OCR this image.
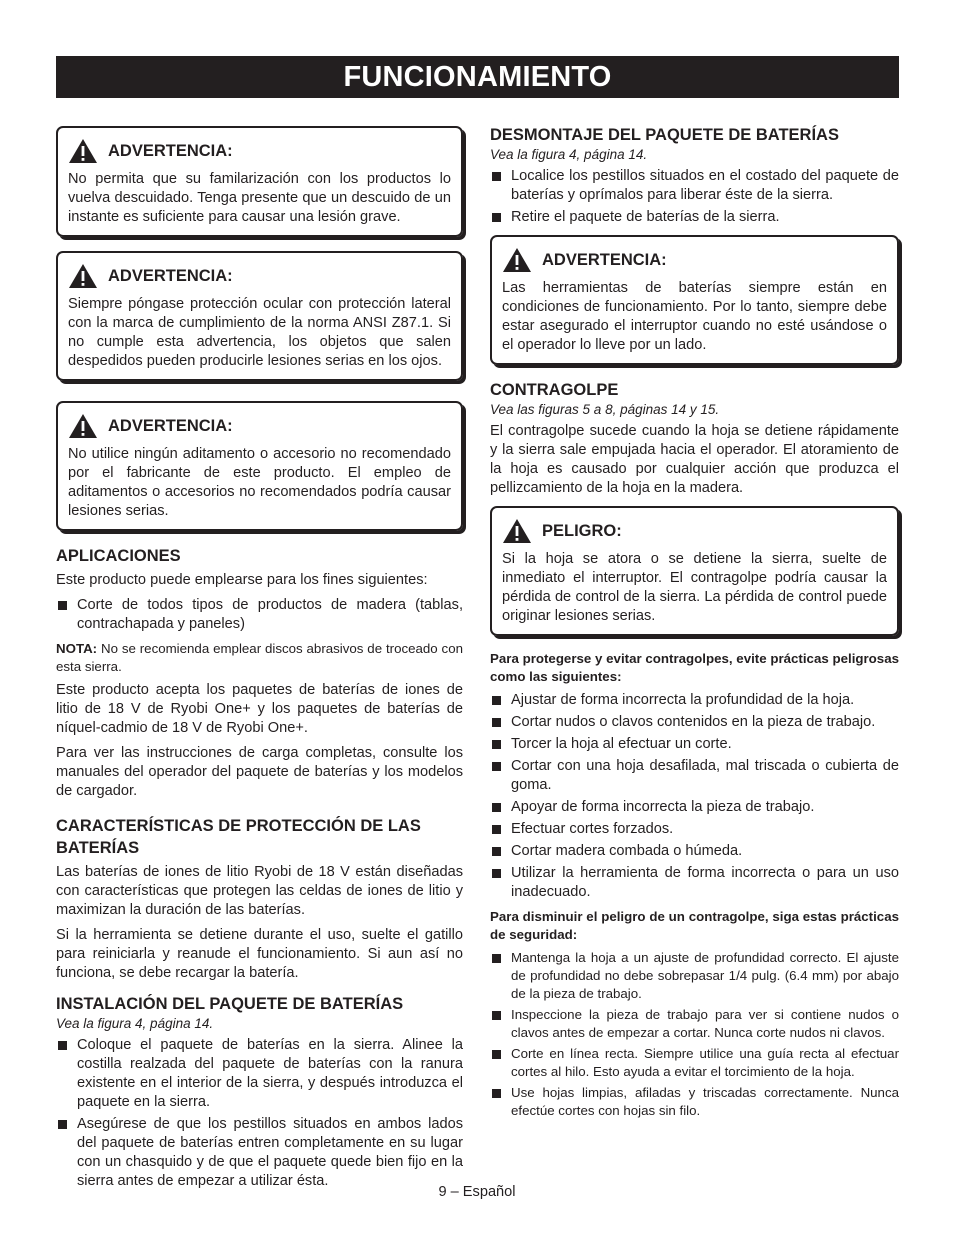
FUNCIONAMIENTO
ADVERTENCIA:
No permita que su familarización con los productos lo vuelva descuidado. Tenga presente que un descuido de un instante es suficiente para causar una lesión grave.
ADVERTENCIA:
Siempre póngase protección ocular con protección lateral con la marca de cumplimiento de la norma ANSI Z87.1. Si no cumple esta advertencia, los objetos que salen despedidos pueden producirle lesiones serias en los ojos.
ADVERTENCIA:
No utilice ningún aditamento o accesorio no recomendado por el fabricante de este producto. El empleo de aditamentos o accesorios no recomendados podría causar lesiones serias.
APLICACIONES

Este producto puede emplearse para los fines siguientes:

Corte de todos tipos de productos de madera (tablas, contrachapada y paneles)

NOTA: No se recomienda emplear discos abrasivos de troceado con esta sierra.

Este producto acepta los paquetes de baterías de iones de litio de 18 V de Ryobi One+ y los paquetes de baterías de níquel-cadmio de 18 V de Ryobi One+.

Para ver las instrucciones de carga completas, consulte los manuales del operador del paquete de baterías y los modelos de cargador.

CARACTERÍSTICAS DE PROTECCIÓN DE LAS BATERÍAS

Las baterías de iones de litio Ryobi de 18 V están diseñadas con características que protegen las celdas de iones de litio y maximizan la duración de las baterías.

Si la herramienta se detiene durante el uso, suelte el gatillo para reiniciarla y reanude el funcionamiento. Si aun así no funciona, se debe recargar la batería.

INSTALACIÓN DEL PAQUETE DE BATERÍAS
Vea la figura 4, página 14.
Coloque el paquete de baterías en la sierra. Alinee la costilla realzada del paquete de baterías con la ranura existente en el interior de la sierra, y después introduzca el paquete en la sierra.
Asegúrese de que los pestillos situados en ambos lados del paquete de baterías entren completamente en su lugar con un chasquido y de que el paquete quede bien fijo en la sierra antes de empezar a utilizar ésta.
DESMONTAJE DEL PAQUETE DE BATERÍAS
Vea la figura 4, página 14.
Localice los pestillos situados en el costado del paquete de baterías y oprímalos para liberar éste de la sierra.
Retire el paquete de baterías de la sierra.
ADVERTENCIA:
Las herramientas de baterías siempre están en condiciones de funcionamiento. Por lo tanto, siempre debe estar asegurado el interruptor cuando no esté usándose o el operador lo lleve por un lado.
CONTRAGOLPE
Vea las figuras 5 a 8, páginas 14 y 15.

El contragolpe sucede cuando la hoja se detiene rápidamente y la sierra sale empujada hacia el operador. El atoramiento de la hoja es causado por cualquier acción que produzca el pellizcamiento de la hoja en la madera.

PELIGRO:
Si la hoja se atora o se detiene la sierra, suelte de inmediato el interruptor. El contragolpe podría causar la pérdida de control de la sierra. La pérdida de control puede originar lesiones serias.

Para protegerse y evitar contragolpes, evite prácticas peligrosas como las siguientes:

Ajustar de forma incorrecta la profundidad de la hoja.
Cortar nudos o clavos contenidos en la pieza de trabajo.
Torcer la hoja al efectuar un corte.
Cortar con una hoja desafilada, mal triscada o cubierta de goma.
Apoyar de forma incorrecta la pieza de trabajo.
Efectuar cortes forzados.
Cortar madera combada o húmeda.
Utilizar la herramienta de forma incorrecta o para un uso inadecuado.

Para disminuir el peligro de un contragolpe, siga estas prácticas de seguridad:

Mantenga la hoja a un ajuste de profundidad correcto. El ajuste de profundidad no debe sobrepasar 1/4 pulg. (6.4 mm) por abajo de la pieza de trabajo.
Inspeccione la pieza de trabajo para ver si contiene nudos o clavos antes de empezar a cortar. Nunca corte nudos ni clavos.
Corte en línea recta. Siempre utilice una guía recta al efectuar cortes al hilo. Esto ayuda a evitar el torcimiento de la hoja.
Use hojas limpias, afiladas y triscadas correctamente. Nunca efectúe cortes con hojas sin filo.
9 – Español
